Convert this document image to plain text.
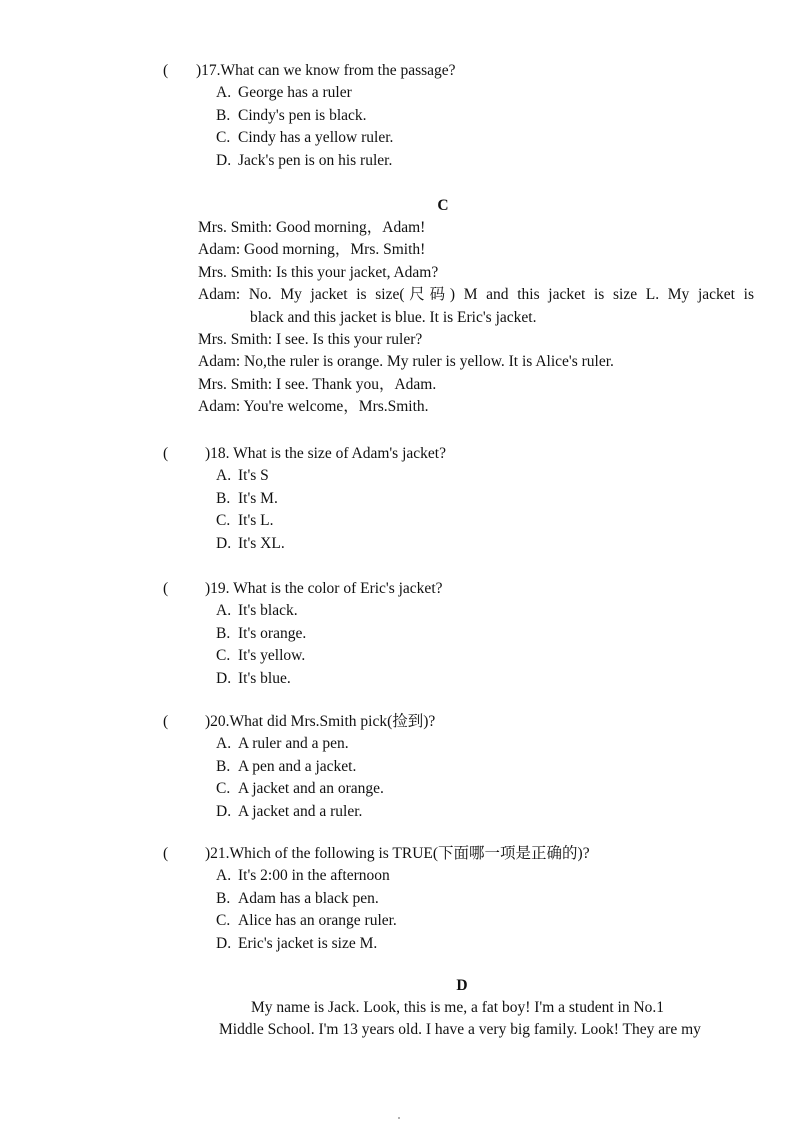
( )17.What can we know from the passage?
A. George has a ruler
B. Cindy's pen is black.
C. Cindy has a yellow ruler.
D. Jack's pen is on his ruler.
C
Mrs. Smith: Good morning，Adam!
Adam: Good morning，Mrs. Smith!
Mrs. Smith: Is this your jacket, Adam?
Adam: No. My jacket is size(尺码) M and this jacket is size L. My jacket is
black and this jacket is blue. It is Eric's jacket.
Mrs. Smith: I see. Is this your ruler?
Adam: No,the ruler is orange. My ruler is yellow. It is Alice's ruler.
Mrs. Smith: I see. Thank you，Adam.
Adam: You're welcome，Mrs.Smith.
( )18. What is the size of Adam's jacket?
A. It's S
B. It's M.
C. It's L.
D. It's XL.
( )19. What is the color of Eric's jacket?
A. It's black.
B. It's orange.
C. It's yellow.
D. It's blue.
( )20.What did Mrs.Smith pick(捡到)?
A. A ruler and a pen.
B. A pen and a jacket.
C. A jacket and an orange.
D. A jacket and a ruler.
( )21.Which of the following is TRUE(下面哪一项是正确的)?
A. It's 2:00 in the afternoon
B. Adam has a black pen.
C. Alice has an orange ruler.
D. Eric's jacket is size M.
D
My name is Jack. Look, this is me, a fat boy! I'm a student in No.1
Middle School. I'm 13 years old. I have a very big family. Look! They are my
